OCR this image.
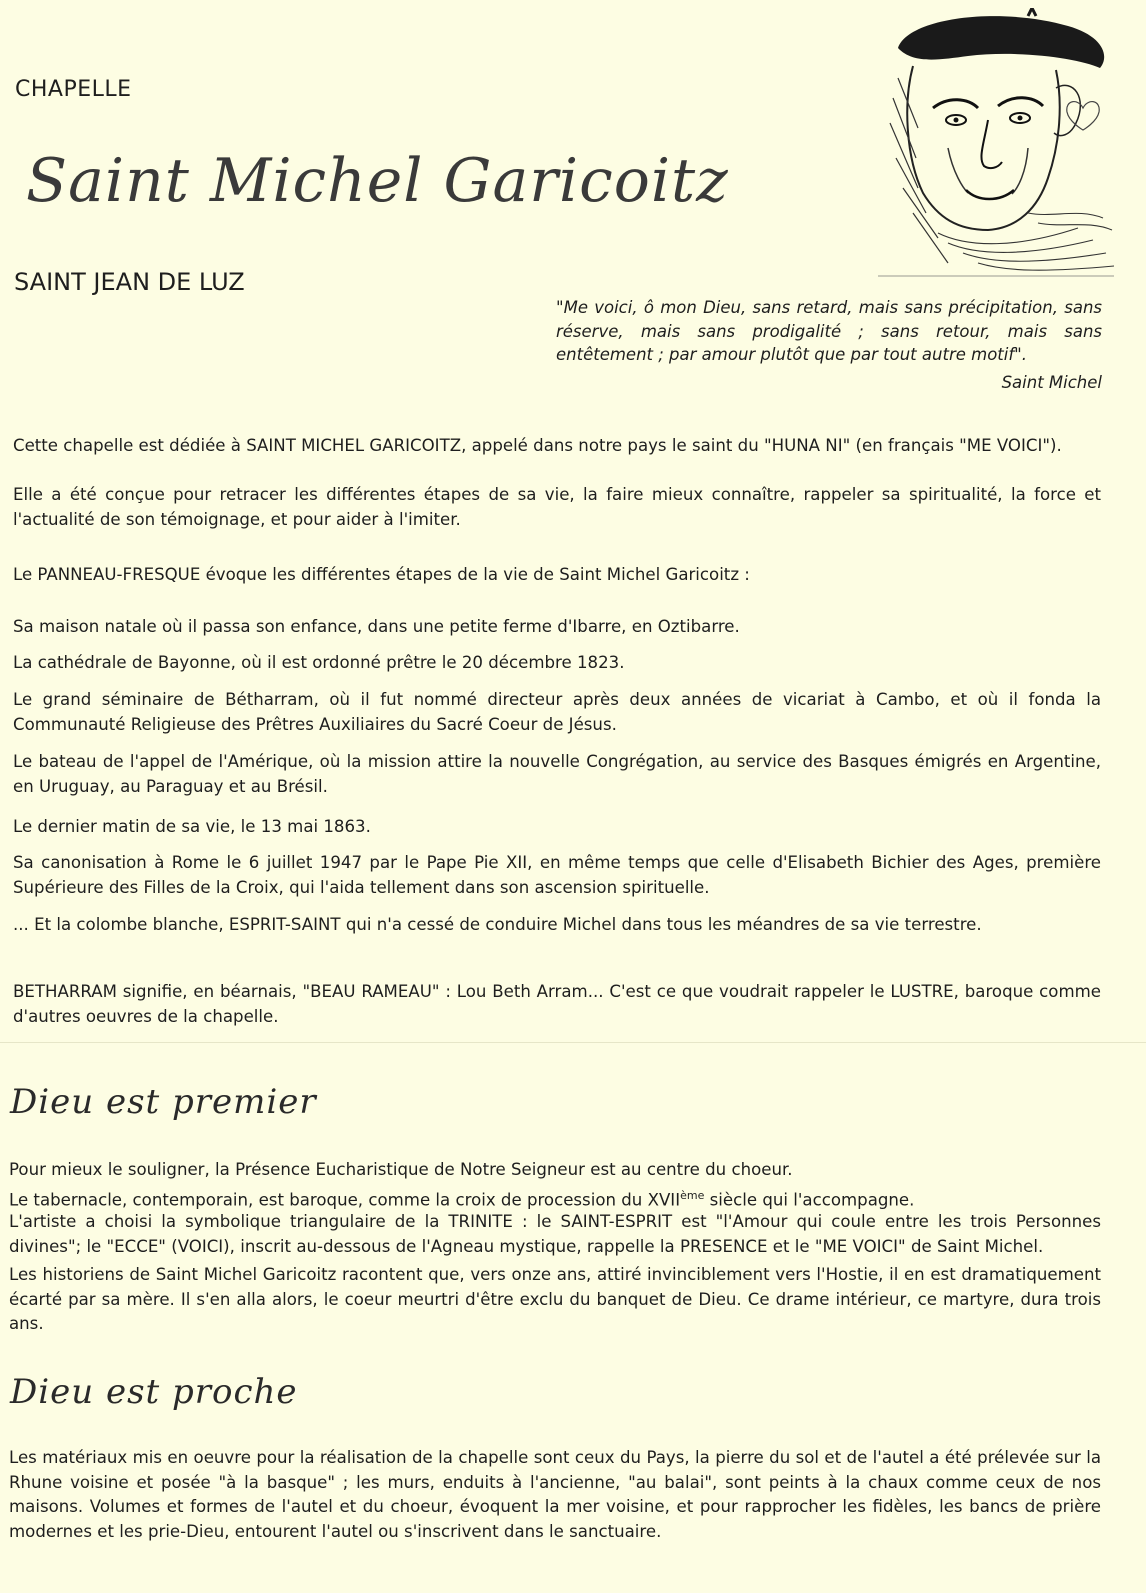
CHAPELLE
Saint Michel Garicoitz
SAINT JEAN DE LUZ
"Me voici, ô mon Dieu, sans retard, mais sans précipitation, sans réserve, mais sans prodigalité ; sans retour, mais sans entêtement ; par amour plutôt que par tout autre motif".
Saint Michel

Cette chapelle est dédiée à SAINT MICHEL GARICOITZ, appelé dans notre pays le saint du "HUNA NI" (en français "ME VOICI").

Elle a été conçue pour retracer les différentes étapes de sa vie, la faire mieux connaître, rappeler sa spiritualité, la force et l'actualité de son témoignage, et pour aider à l'imiter.

Le PANNEAU-FRESQUE évoque les différentes étapes de la vie de Saint Michel Garicoitz :

Sa maison natale où il passa son enfance, dans une petite ferme d'Ibarre, en Oztibarre.

La cathédrale de Bayonne, où il est ordonné prêtre le 20 décembre 1823.

Le grand séminaire de Bétharram, où il fut nommé directeur après deux années de vicariat à Cambo, et où il fonda la Communauté Religieuse des Prêtres Auxiliaires du Sacré Coeur de Jésus.

Le bateau de l'appel de l'Amérique, où la mission attire la nouvelle Congrégation, au service des Basques émigrés en Argentine, en Uruguay, au Paraguay et au Brésil.

Le dernier matin de sa vie, le 13 mai 1863.

Sa canonisation à Rome le 6 juillet 1947 par le Pape Pie XII, en même temps que celle d'Elisabeth Bichier des Ages, première Supérieure des Filles de la Croix, qui l'aida tellement dans son ascension spirituelle.

... Et la colombe blanche, ESPRIT-SAINT qui n'a cessé de conduire Michel dans tous les méandres de sa vie terrestre.

BETHARRAM signifie, en béarnais, "BEAU RAMEAU" : Lou Beth Arram... C'est ce que voudrait rappeler le LUSTRE, baroque comme d'autres oeuvres de la chapelle.

Dieu est premier

Pour mieux le souligner, la Présence Eucharistique de Notre Seigneur est au centre du choeur.

Le tabernacle, contemporain, est baroque, comme la croix de procession du XVIIème siècle qui l'accompagne.

L'artiste a choisi la symbolique triangulaire de la TRINITE : le SAINT-ESPRIT est "l'Amour qui coule entre les trois Personnes divines"; le "ECCE" (VOICI), inscrit au-dessous de l'Agneau mystique, rappelle la PRESENCE et le "ME VOICI" de Saint Michel.

Les historiens de Saint Michel Garicoitz racontent que, vers onze ans, attiré invinciblement vers l'Hostie, il en est dramatiquement écarté par sa mère. Il s'en alla alors, le coeur meurtri d'être exclu du banquet de Dieu. Ce drame intérieur, ce martyre, dura trois ans.

Dieu est proche

Les matériaux mis en oeuvre pour la réalisation de la chapelle sont ceux du Pays, la pierre du sol et de l'autel a été prélevée sur la Rhune voisine et posée "à la basque" ; les murs, enduits à l'ancienne, "au balai", sont peints à la chaux comme ceux de nos maisons. Volumes et formes de l'autel et du choeur, évoquent la mer voisine, et pour rapprocher les fidèles, les bancs de prière modernes et les prie-Dieu, entourent l'autel ou s'inscrivent dans le sanctuaire.
